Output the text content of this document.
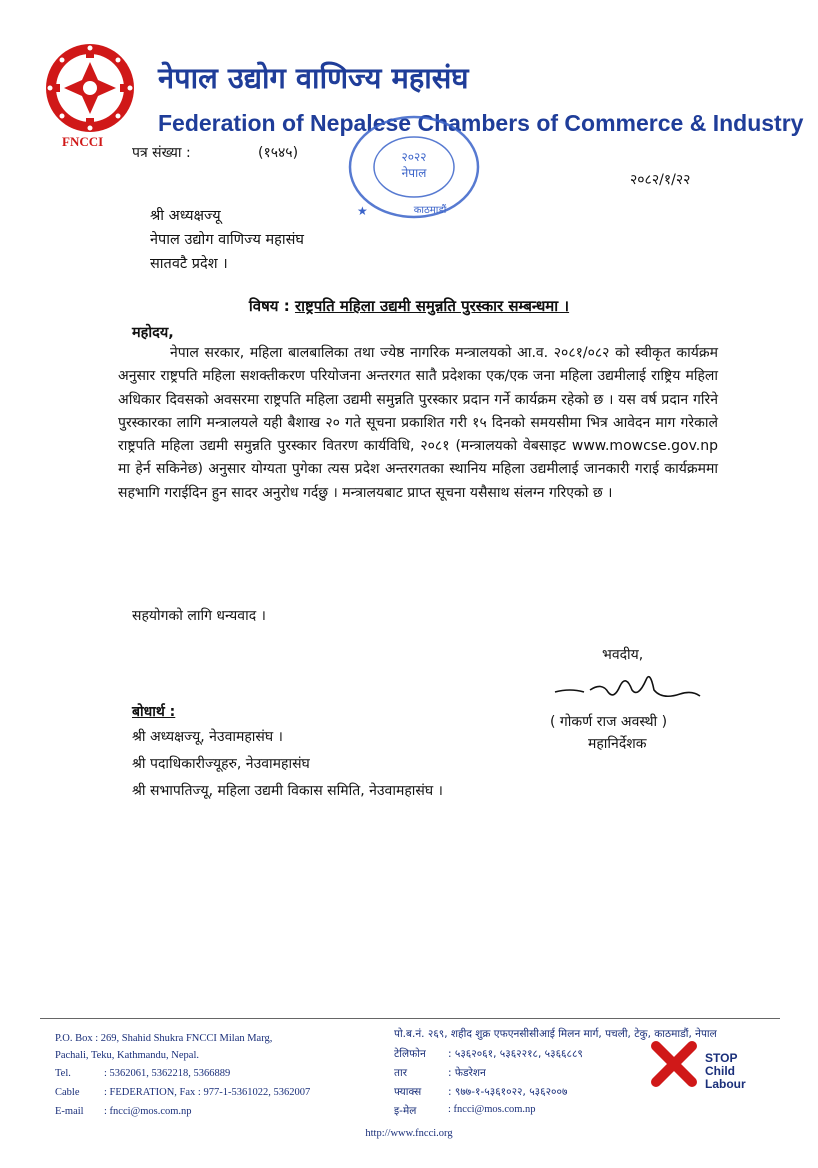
FNCCI
नेपाल उद्योग वाणिज्य महासंघ
Federation of Nepalese Chambers of Commerce & Industry
२०२२
नेपाल
काठमाडौं
★
पत्र संख्या :	(१५४५)
२०८२/१/२२
श्री अध्यक्षज्यू
नेपाल उद्योग वाणिज्य महासंघ
सातवटै प्रदेश ।
विषय : राष्ट्रपति महिला उद्यमी समुन्नति पुरस्कार सम्बन्धमा ।
महोदय,
नेपाल सरकार, महिला बालबालिका तथा ज्येष्ठ नागरिक मन्त्रालयको आ.व. २०८१/०८२ को स्वीकृत कार्यक्रम अनुसार राष्ट्रपति महिला सशक्तीकरण परियोजना अन्तरगत सातै प्रदेशका एक/एक जना महिला उद्यमीलाई राष्ट्रिय महिला अधिकार दिवसको अवसरमा राष्ट्रपति महिला उद्यमी समुन्नति पुरस्कार प्रदान गर्ने कार्यक्रम रहेको छ । यस वर्ष प्रदान गरिने पुरस्कारका लागि मन्त्रालयले यही बैशाख २० गते सूचना प्रकाशित गरी १५ दिनको समयसीमा भित्र आवेदन माग गरेकाले राष्ट्रपति महिला उद्यमी समुन्नति पुरस्कार वितरण कार्यविधि, २०८१ (मन्त्रालयको वेबसाइट www.mowcse.gov.np मा हेर्न सकिनेछ) अनुसार योग्यता पुगेका त्यस प्रदेश अन्तरगतका स्थानिय महिला उद्यमीलाई जानकारी गराई कार्यक्रममा सहभागि गराईदिन हुन सादर अनुरोध गर्दछु । मन्त्रालयबाट प्राप्त सूचना यसैसाथ संलग्न गरिएको छ ।
सहयोगको लागि धन्यवाद ।
भवदीय,
( गोकर्ण राज अवस्थी )
महानिर्देशक
बोधार्थ :
श्री अध्यक्षज्यू, नेउवामहासंघ ।
श्री पदाधिकारीज्यूहरु, नेउवामहासंघ
श्री सभापतिज्यू, महिला उद्यमी विकास समिति, नेउवामहासंघ ।
P.O. Box : 269, Shahid Shukra FNCCI Milan Marg,
Pachali, Teku, Kathmandu, Nepal.
Tel.	: 5362061, 5362218, 5366889
Cable : FEDERATION, Fax : 977-1-5361022, 5362007
E-mail : fncci@mos.com.np
पो.ब.नं. २६९, शहीद शुक्र एफएनसीसीआई मिलन मार्ग, पचली, टेकु, काठमाडौं, नेपाल
टेलिफोन : ५३६२०६१, ५३६२२१८, ५३६६८८९
तार	: फेडरेशन
फ्याक्स	: ९७७-१-५३६१०२२, ५३६२००७
इ-मेल	: fncci@mos.com.np
STOP
Child
Labour
http://www.fncci.org
